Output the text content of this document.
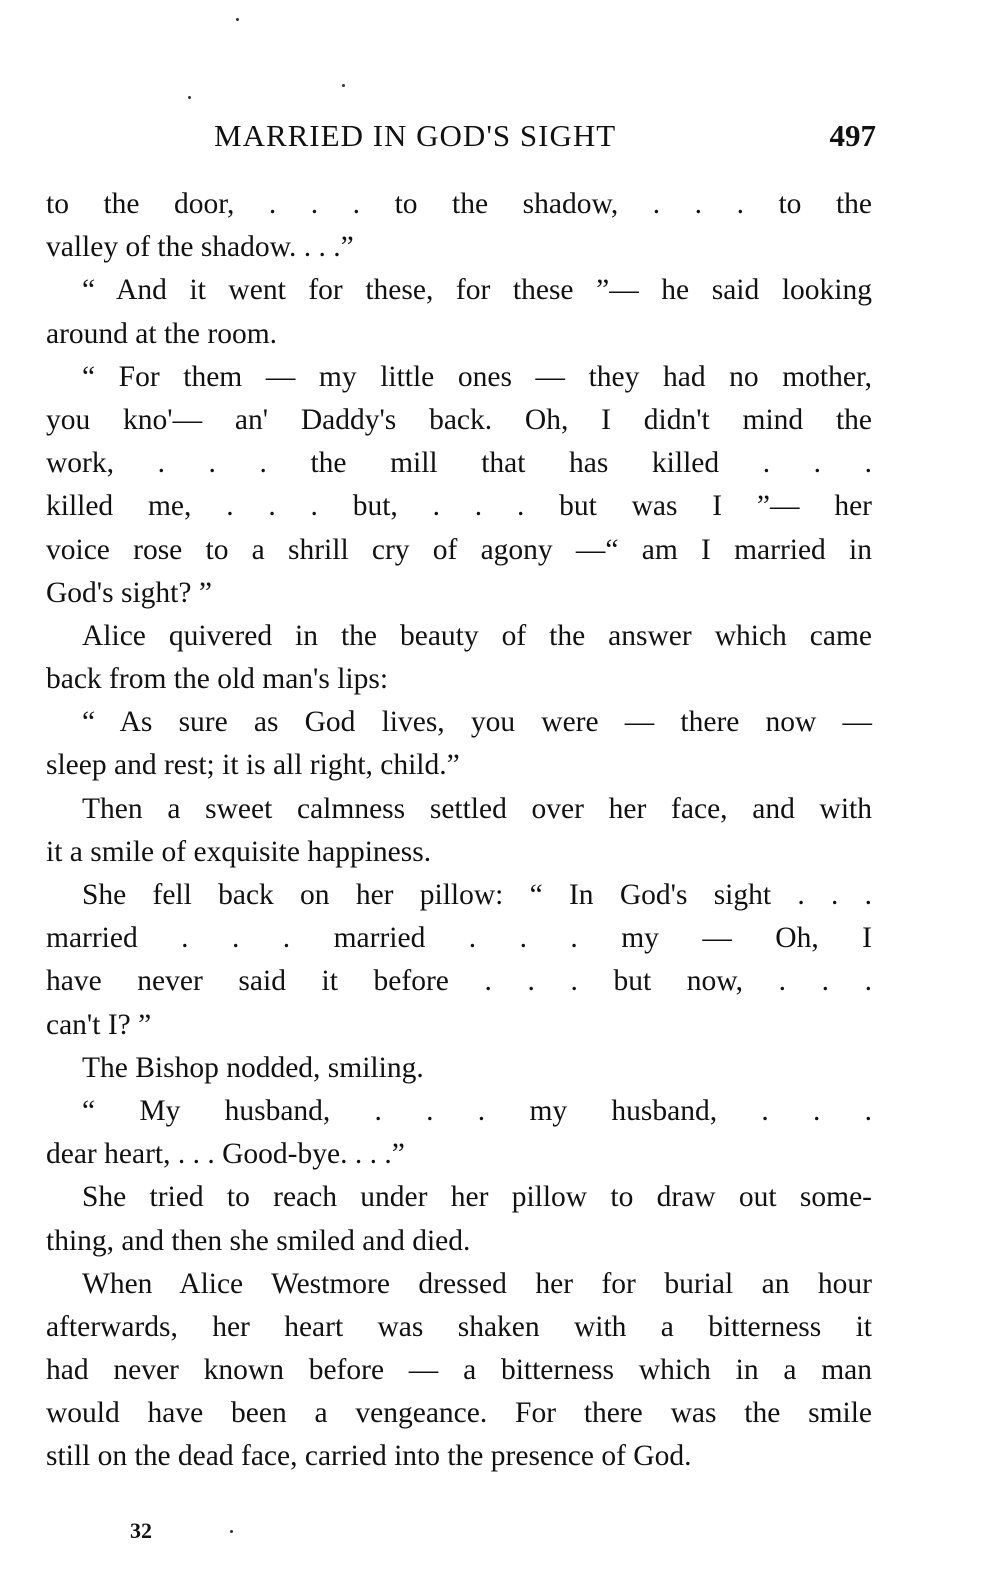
MARRIED IN GOD'S SIGHT	497
to the door, . . . to the shadow, . . . to the
valley of the shadow. . . .”
“ And it went for these, for these ”— he said looking
around at the room.
“ For them — my little ones — they had no mother,
you kno'— an' Daddy's back. Oh, I didn't mind the
work, . . . the mill that has killed . . .
killed me, . . . but, . . . but was I ”— her
voice rose to a shrill cry of agony —“ am I married in
God's sight? ”
Alice quivered in the beauty of the answer which came
back from the old man's lips:
“ As sure as God lives, you were — there now —
sleep and rest; it is all right, child.”
Then a sweet calmness settled over her face, and with
it a smile of exquisite happiness.
She fell back on her pillow: “ In God's sight . . .
married . . . married . . . my — Oh, I
have never said it before . . . but now, . . .
can't I? ”
The Bishop nodded, smiling.
“ My husband, . . . my husband, . . .
dear heart, . . . Good-bye. . . .”
She tried to reach under her pillow to draw out some-
thing, and then she smiled and died.
When Alice Westmore dressed her for burial an hour
afterwards, her heart was shaken with a bitterness it
had never known before — a bitterness which in a man
would have been a vengeance. For there was the smile
still on the dead face, carried into the presence of God.
32
